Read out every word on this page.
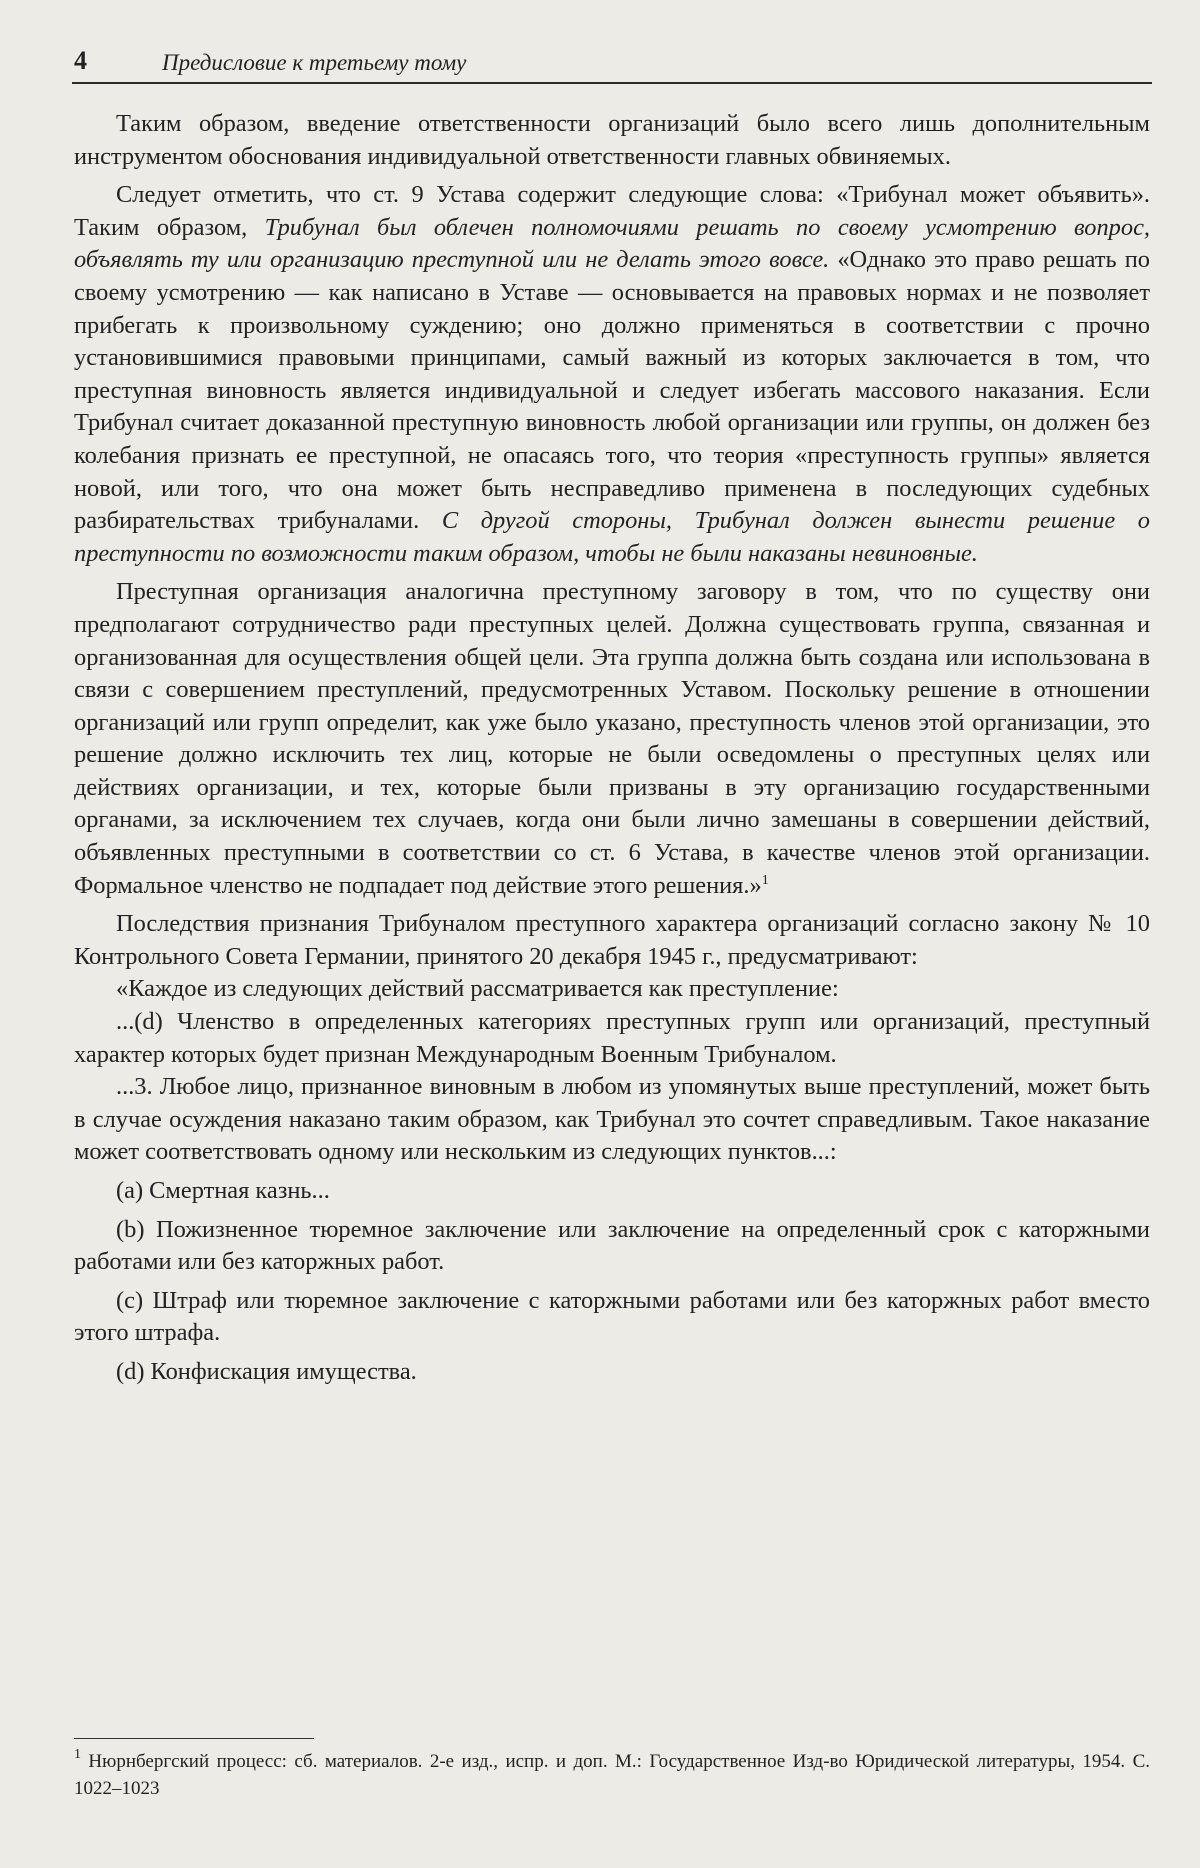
4	Предисловие к третьему тому

Таким образом, введение ответственности организаций было всего лишь дополнительным инструментом обоснования индивидуальной ответственности главных обвиняемых.

Следует отметить, что ст. 9 Устава содержит следующие слова: «Трибунал может объявить». Таким образом, Трибунал был облечен полномочиями решать по своему усмотрению вопрос, объявлять ту или организацию преступной или не делать этого вовсе. «Однако это право решать по своему усмотрению — как написано в Уставе — основывается на правовых нормах и не позволяет прибегать к произвольному суждению; оно должно применяться в соответствии с прочно установившимися правовыми принципами, самый важный из которых заключается в том, что преступная виновность является индивидуальной и следует избегать массового наказания. Если Трибунал считает доказанной преступную виновность любой организации или группы, он должен без колебания признать ее преступной, не опасаясь того, что теория «преступность группы» является новой, или того, что она может быть несправедливо применена в последующих судебных разбирательствах трибуналами. С другой стороны, Трибунал должен вынести решение о преступности по возможности таким образом, чтобы не были наказаны невиновные.

Преступная организация аналогична преступному заговору в том, что по существу они предполагают сотрудничество ради преступных целей. Должна существовать группа, связанная и организованная для осуществления общей цели. Эта группа должна быть создана или использована в связи с совершением преступлений, предусмотренных Уставом. Поскольку решение в отношении организаций или групп определит, как уже было указано, преступность членов этой организации, это решение должно исключить тех лиц, которые не были осведомлены о преступных целях или действиях организации, и тех, которые были призваны в эту организацию государственными органами, за исключением тех случаев, когда они были лично замешаны в совершении действий, объявленных преступными в соответствии со ст. 6 Устава, в качестве членов этой организации. Формальное членство не подпадает под действие этого решения.»$^1$

Последствия признания Трибуналом преступного характера организаций согласно закону № 10 Контрольного Совета Германии, принятого 20 декабря 1945 г., предусматривают:

«Каждое из следующих действий рассматривается как преступление:

...(d) Членство в определенных категориях преступных групп или организаций, преступный характер которых будет признан Международным Военным Трибуналом.

...3. Любое лицо, признанное виновным в любом из упомянутых выше преступлений, может быть в случае осуждения наказано таким образом, как Трибунал это сочтет справедливым. Такое наказание может соответствовать одному или нескольким из следующих пунктов...:

(a) Смертная казнь...

(b) Пожизненное тюремное заключение или заключение на определенный срок с каторжными работами или без каторжных работ.

(c) Штраф или тюремное заключение с каторжными работами или без каторжных работ вместо этого штрафа.

(d) Конфискация имущества.

$^1$ Нюрнбергский процесс: сб. материалов. 2-е изд., испр. и доп. М.: Государственное Изд-во Юридической литературы, 1954. С. 1022–1023
